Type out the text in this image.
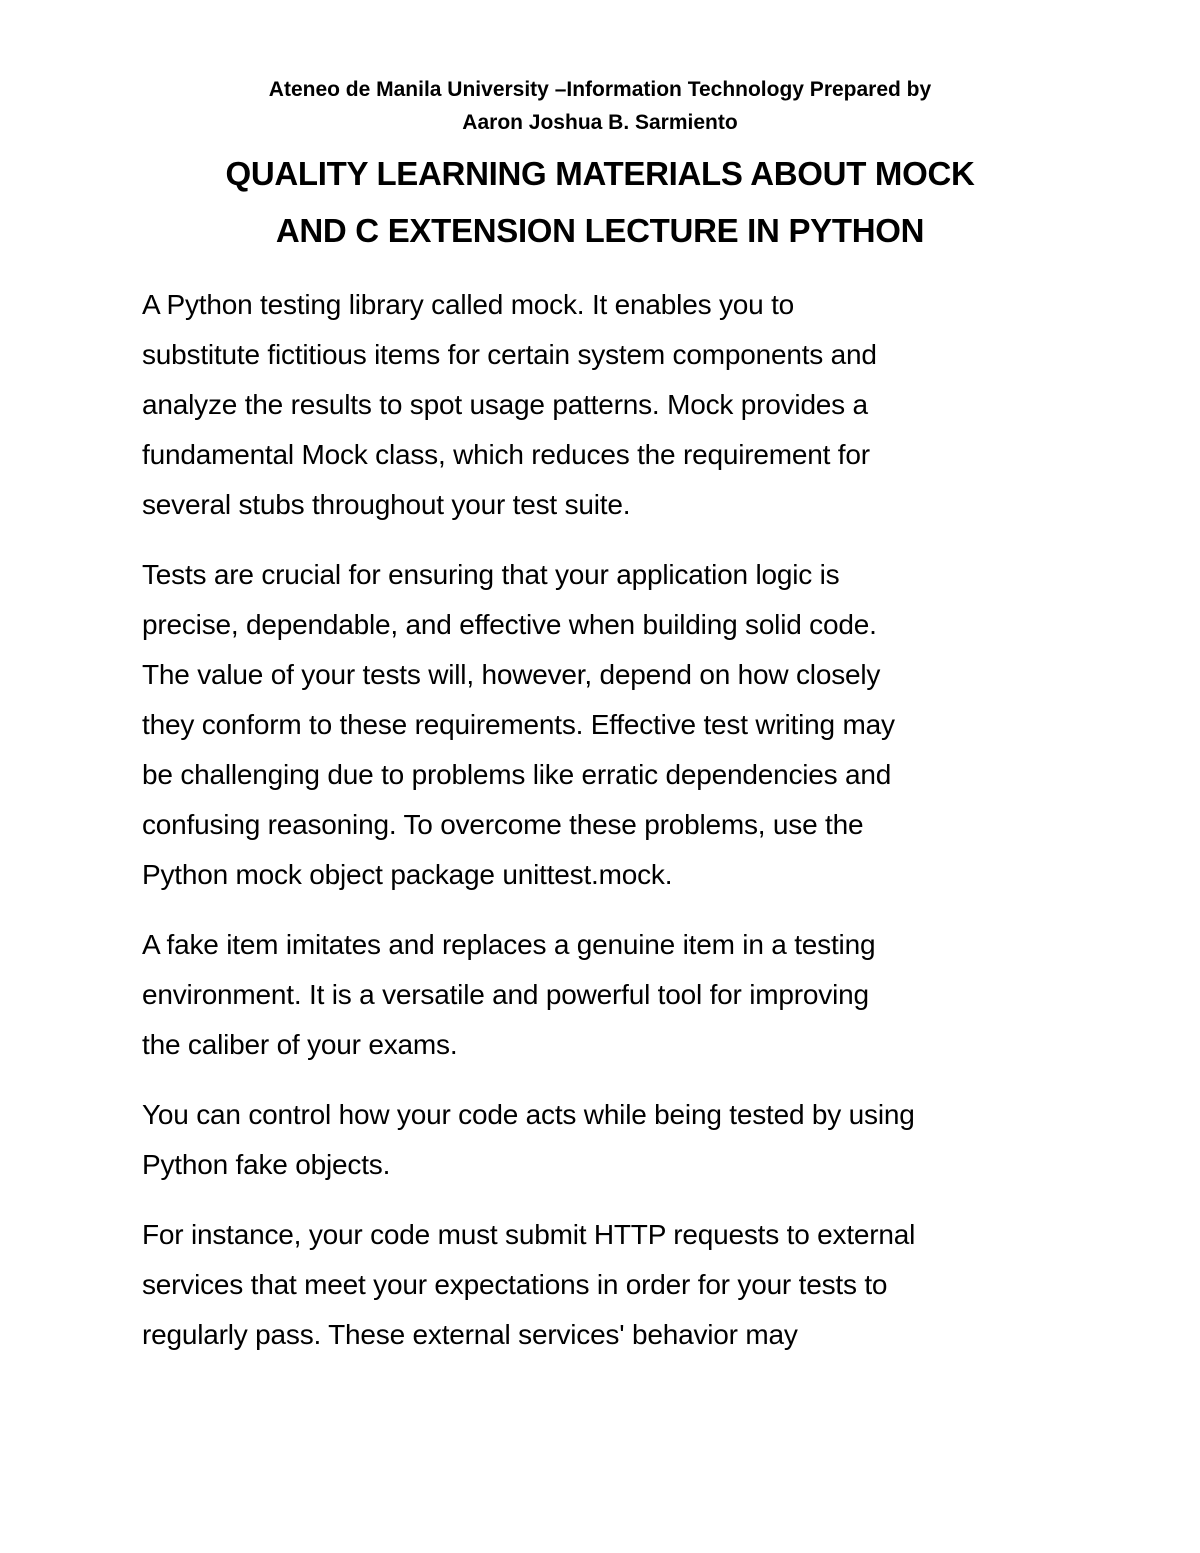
Ateneo de Manila University –Information Technology Prepared by
Aaron Joshua B. Sarmiento
QUALITY LEARNING MATERIALS ABOUT MOCK
AND C EXTENSION LECTURE IN PYTHON
A Python testing library called mock. It enables you to
substitute fictitious items for certain system components and
analyze the results to spot usage patterns. Mock provides a
fundamental Mock class, which reduces the requirement for
several stubs throughout your test suite.
Tests are crucial for ensuring that your application logic is
precise, dependable, and effective when building solid code.
The value of your tests will, however, depend on how closely
they conform to these requirements. Effective test writing may
be challenging due to problems like erratic dependencies and
confusing reasoning. To overcome these problems, use the
Python mock object package unittest.mock.
A fake item imitates and replaces a genuine item in a testing
environment. It is a versatile and powerful tool for improving
the caliber of your exams.
You can control how your code acts while being tested by using
Python fake objects.
For instance, your code must submit HTTP requests to external
services that meet your expectations in order for your tests to
regularly pass. These external services' behavior may
